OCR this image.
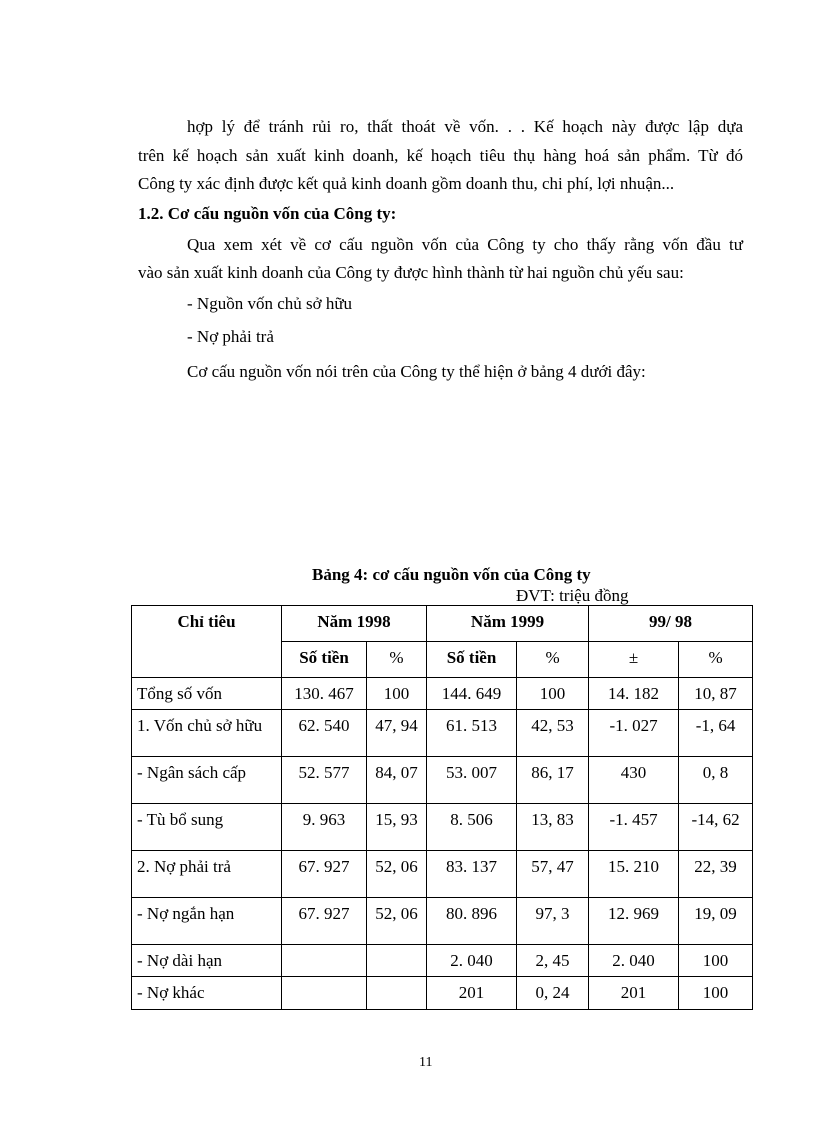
hợp lý để tránh rủi ro, thất thoát về vốn. . . Kế hoạch này được lập dựa
trên kế hoạch sản xuất kinh doanh, kế hoạch tiêu thụ hàng hoá sản phẩm. Từ đó
Công ty xác định được kết quả kinh doanh gồm doanh thu, chi phí, lợi nhuận...
1.2. Cơ cấu nguồn vốn của Công ty:
Qua xem xét về cơ cấu nguồn vốn của Công ty cho thấy rằng vốn đầu tư
vào sản xuất kinh doanh của Công ty được hình thành từ hai nguồn chủ yếu sau:
- Nguồn vốn chủ sở hữu
- Nợ phải trả
Cơ cấu nguồn vốn nói trên của Công ty thể hiện ở bảng 4 dưới đây:
Bảng 4: cơ cấu nguồn vốn của Công ty
ĐVT: triệu đồng
Chỉ tiêu	Năm 1998		Năm 1999		99/ 98	
	Số tiền	%	Số tiền	%	±	%
Tổng số vốn	130. 467	100	144. 649	100	14. 182	10, 87
1. Vốn chủ sở hữu	62. 540	47, 94	61. 513	42, 53	-1. 027	-1, 64
- Ngân sách cấp	52. 577	84, 07	53. 007	86, 17	430	0, 8
- Tù bổ sung	9. 963	15, 93	8. 506	13, 83	-1. 457	-14, 62
2. Nợ phải trả	67. 927	52, 06	83. 137	57, 47	15. 210	22, 39
- Nợ ngắn hạn	67. 927	52, 06	80. 896	97, 3	12. 969	19, 09
- Nợ dài hạn			2. 040	2, 45	2. 040	100
- Nợ khác			201	0, 24	201	100
11
